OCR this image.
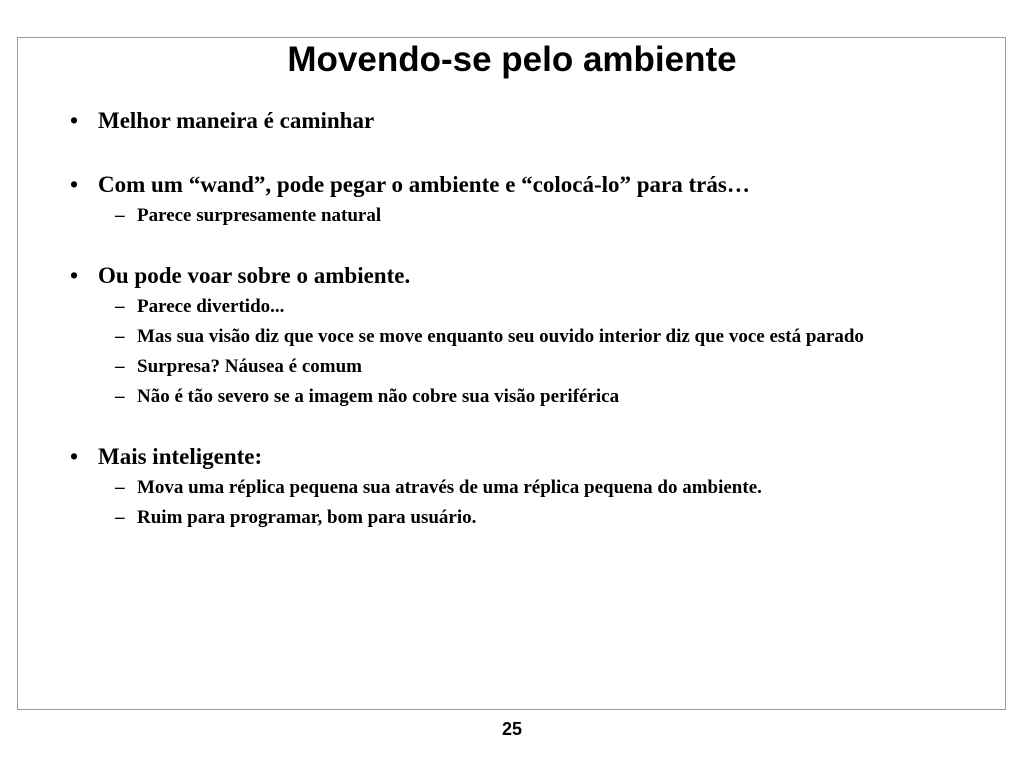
Movendo-se pelo ambiente
• Melhor maneira é caminhar
• Com um “wand”, pode pegar o ambiente e “colocá-lo” para trás…
– Parece surpresamente natural
• Ou pode voar sobre o ambiente.
– Parece divertido...
– Mas sua visão diz que voce se move enquanto seu ouvido interior diz que voce está parado
– Surpresa? Náusea é comum
– Não é tão severo se a imagem não cobre sua visão periférica
• Mais inteligente:
– Mova uma réplica pequena sua através de uma réplica pequena do ambiente.
– Ruim para programar, bom para usuário.
25
